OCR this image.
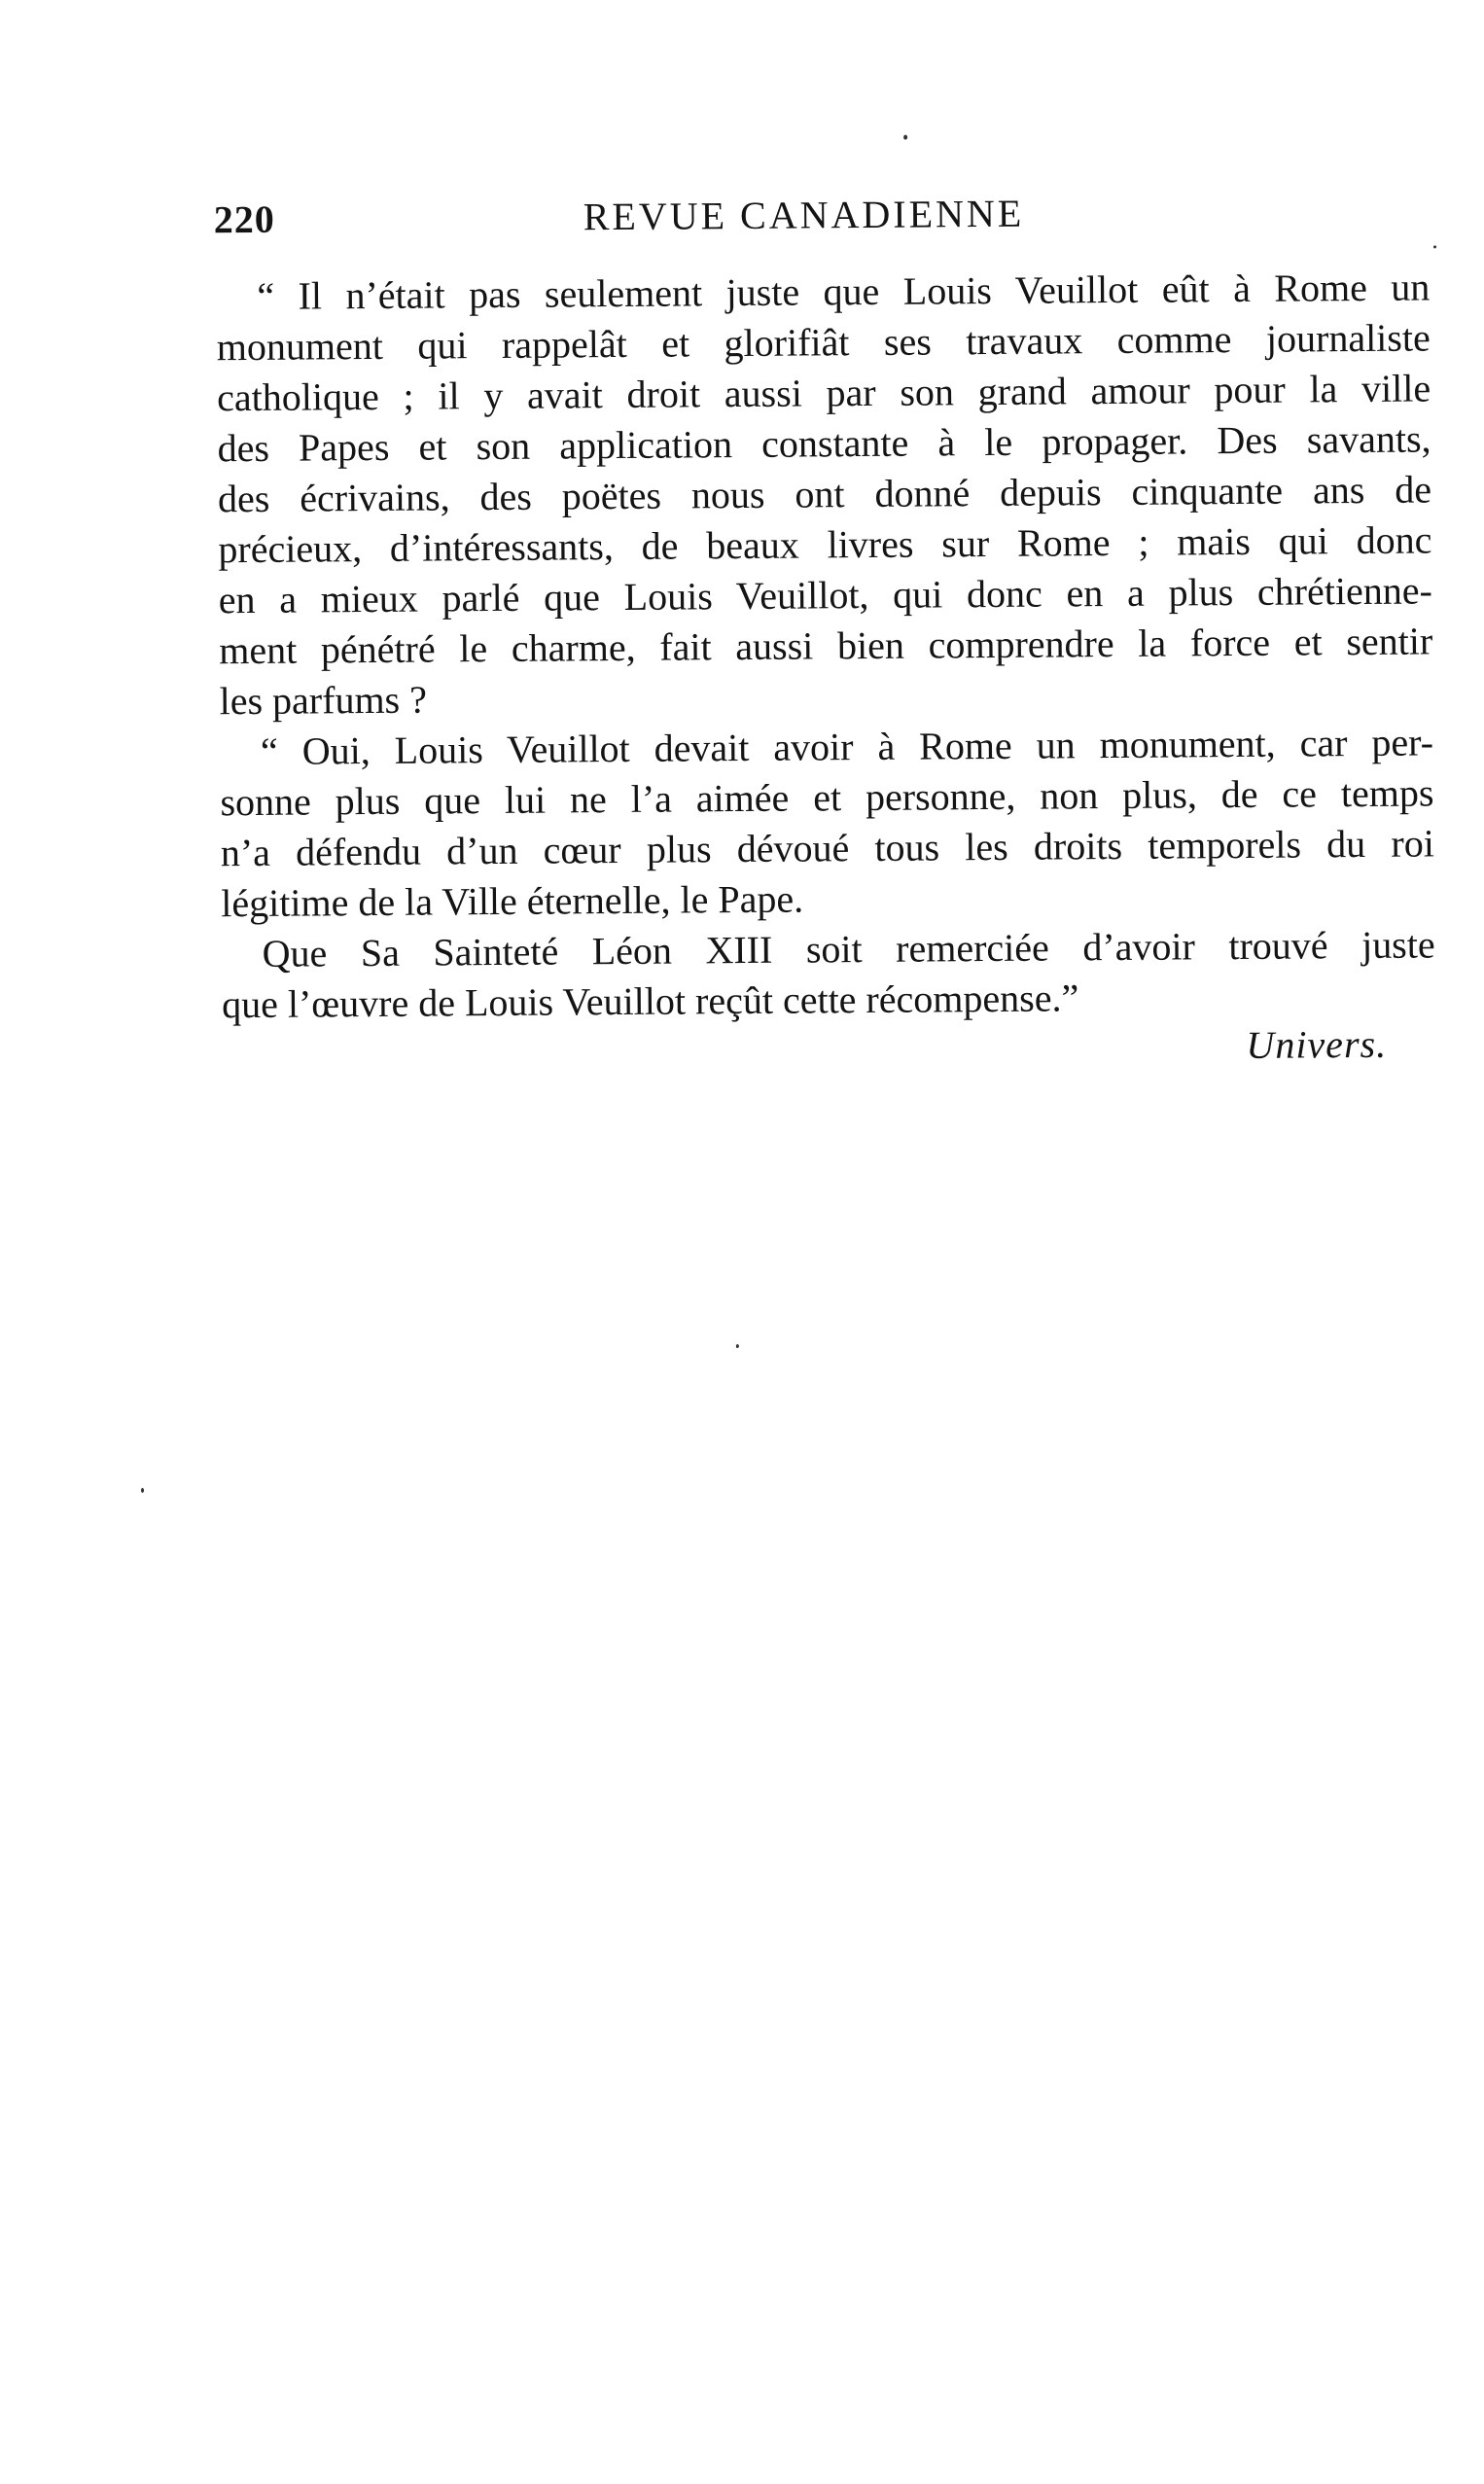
220	REVUE CANADIENNE
“ Il n’était pas seulement juste que Louis Veuillot eût à Rome un
monument qui rappelât et glorifiât ses travaux comme journaliste
catholique ; il y avait droit aussi par son grand amour pour la ville
des Papes et son application constante à le propager. Des savants,
des écrivains, des poëtes nous ont donné depuis cinquante ans de
précieux, d’intéressants, de beaux livres sur Rome ; mais qui donc
en a mieux parlé que Louis Veuillot, qui donc en a plus chrétienne-
ment pénétré le charme, fait aussi bien comprendre la force et sentir
les parfums ?
“ Oui, Louis Veuillot devait avoir à Rome un monument, car per-
sonne plus que lui ne l’a aimée et personne, non plus, de ce temps
n’a défendu d’un cœur plus dévoué tous les droits temporels du roi
légitime de la Ville éternelle, le Pape.
Que Sa Sainteté Léon XIII soit remerciée d’avoir trouvé juste
que l’œuvre de Louis Veuillot reçût cette récompense.”
Univers.
